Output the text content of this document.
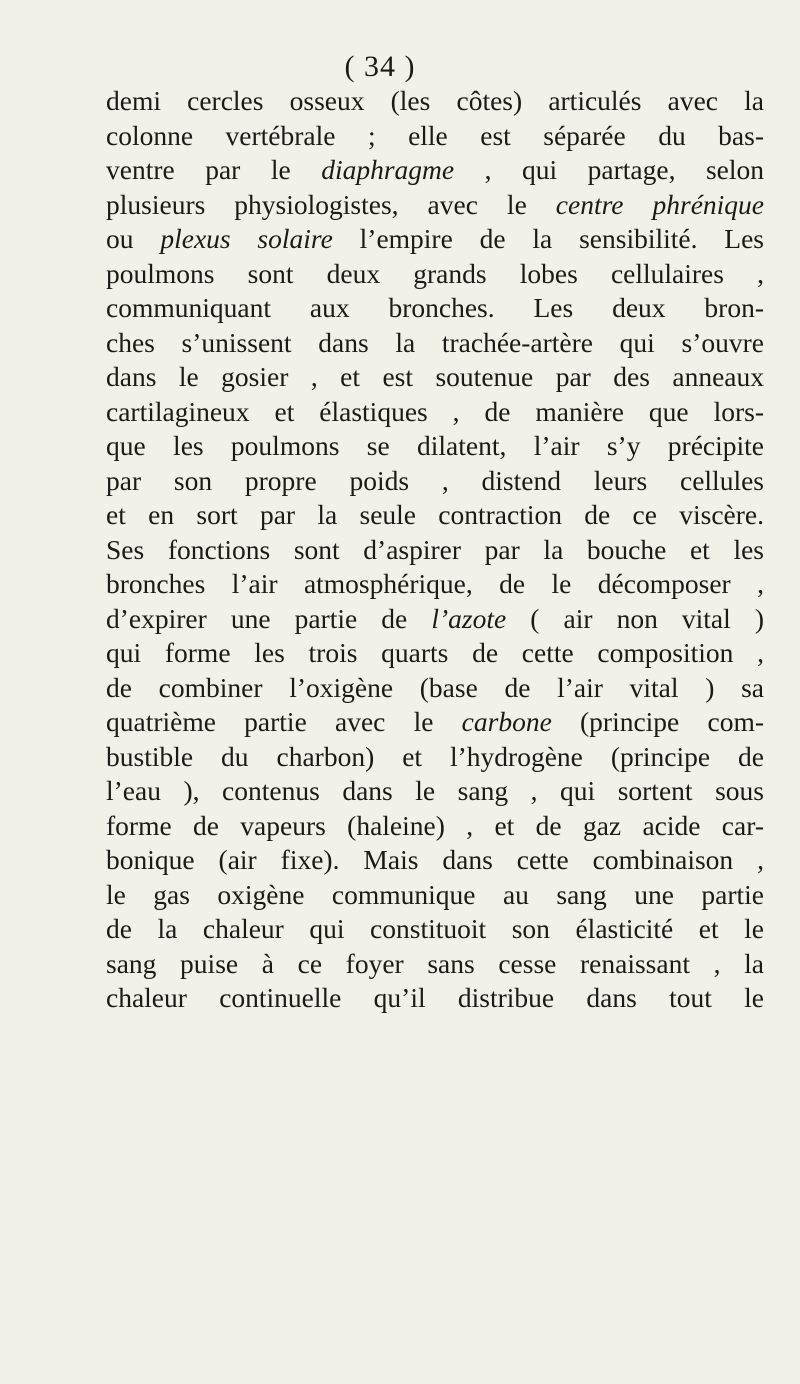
( 34 )
demi cercles osseux (les côtes) articulés avec la
colonne vertébrale ; elle est séparée du bas-
ventre par le diaphragme , qui partage, selon
plusieurs physiologistes, avec le centre phrénique
ou plexus solaire l’empire de la sensibilité. Les
poulmons sont deux grands lobes cellulaires ,
communiquant aux bronches. Les deux bron-
ches s’unissent dans la trachée-artère qui s’ouvre
dans le gosier , et est soutenue par des anneaux
cartilagineux et élastiques , de manière que lors-
que les poulmons se dilatent, l’air s’y précipite
par son propre poids , distend leurs cellules
et en sort par la seule contraction de ce viscère.
Ses fonctions sont d’aspirer par la bouche et les
bronches l’air atmosphérique, de le décomposer ,
d’expirer une partie de l’azote ( air non vital )
qui forme les trois quarts de cette composition ,
de combiner l’oxigène (base de l’air vital ) sa
quatrième partie avec le carbone (principe com-
bustible du charbon) et l’hydrogène (principe de
l’eau ), contenus dans le sang , qui sortent sous
forme de vapeurs (haleine) , et de gaz acide car-
bonique (air fixe). Mais dans cette combinaison ,
le gas oxigène communique au sang une partie
de la chaleur qui constituoit son élasticité et le
sang puise à ce foyer sans cesse renaissant , la
chaleur continuelle qu’il distribue dans tout le
